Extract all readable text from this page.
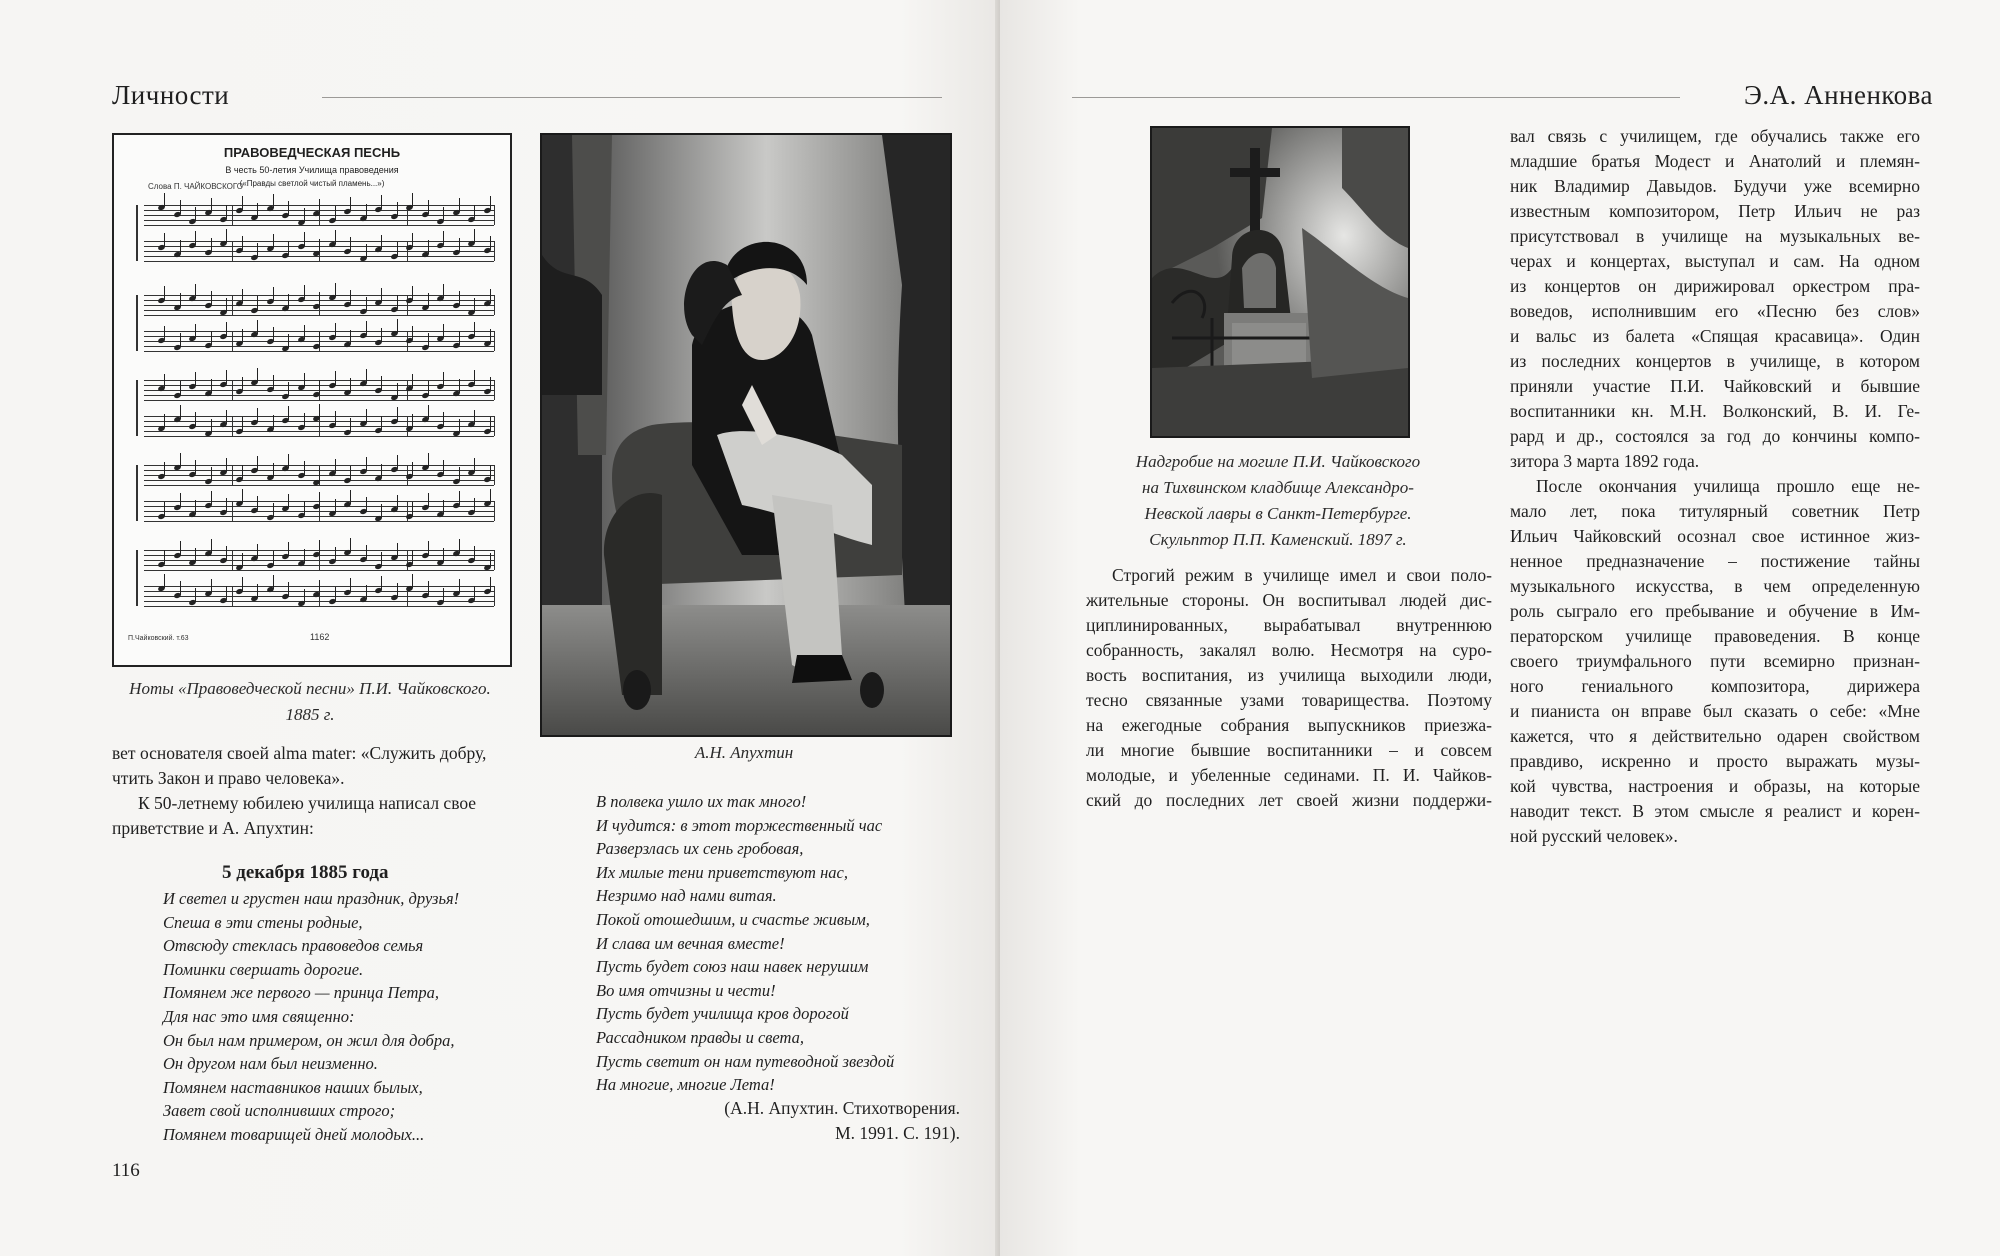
Личности
ПРАВОВЕДЧЕСКАЯ ПЕСНЬ
В честь 50-летия Училища правоведения
(«Правды светлой чистый пламень...»)
Слова П. ЧАЙКОВСКОГО
П.Чайковский. т.63	1162
Ноты «Правоведческой песни» П.И. Чайковского.
1885 г.
А.Н. Апухтин

вет основателя своей alma mater: «Служить добру,

чтить Закон и право человека».

К 50-летнему юбилею училища написал свое

приветствие и А. Апухтин:

5 декабря 1885 года
И светел и грустен наш праздник, друзья!
Спеша в эти стены родные,
Отвсюду стеклась правоведов семья
Поминки свершать дорогие.
Помянем же первого — принца Петра,
Для нас это имя священно:
Он был нам примером, он жил для добра,
Он другом нам был неизменно.
Помянем наставников наших былых,
Завет свой исполнивших строго;
Помянем товарищей дней молодых...
В полвека ушло их так много!
И чудится: в этот торжественный час
Разверзлась их сень гробовая,
Их милые тени приветствуют нас,
Незримо над нами витая.
Покой отошедшим, и счастье живым,
И слава им вечная вместе!
Пусть будет союз наш навек нерушим
Во имя отчизны и чести!
Пусть будет училища кров дорогой
Рассадником правды и света,
Пусть светит он нам путеводной звездой
На многие, многие Лета!
(А.Н. Апухтин. Стихотворения.
М. 1991. С. 191).
116
Э.А. Анненкова
Надгробие на могиле П.И. Чайковского
на Тихвинском кладбище Александро-
Невской лавры в Санкт-Петербурге.
Скульптор П.П. Каменский. 1897 г.
Строгий режим в училище имел и свои поло-
жительные стороны. Он воспитывал людей дис-
циплинированных, вырабатывал внутреннюю
собранность, закалял волю. Несмотря на суро-
вость воспитания, из училища выходили люди,
тесно связанные узами товарищества. Поэтому
на ежегодные собрания выпускников приезжа-
ли многие бывшие воспитанники – и совсем
молодые, и убеленные сединами. П. И. Чайков-
ский до последних лет своей жизни поддержи-
вал связь с училищем, где обучались также его
младшие братья Модест и Анатолий и племян-
ник Владимир Давыдов. Будучи уже всемирно
известным композитором, Петр Ильич не раз
присутствовал в училище на музыкальных ве-
черах и концертах, выступал и сам. На одном
из концертов он дирижировал оркестром пра-
воведов, исполнившим его «Песню без слов»
и вальс из балета «Спящая красавица». Один
из последних концертов в училище, в котором
приняли участие П.И. Чайковский и бывшие
воспитанники кн. М.Н. Волконский, В. И. Ге-
рард и др., состоялся за год до кончины компо-
зитора 3 марта 1892 года.
После окончания училища прошло еще не-
мало лет, пока титулярный советник Петр
Ильич Чайковский осознал свое истинное жиз-
ненное предназначение – постижение тайны
музыкального искусства, в чем определенную
роль сыграло его пребывание и обучение в Им-
ператорском училище правоведения. В конце
своего триумфального пути всемирно признан-
ного гениального композитора, дирижера
и пианиста он вправе был сказать о себе: «Мне
кажется, что я действительно одарен свойством
правдиво, искренно и просто выражать музы-
кой чувства, настроения и образы, на которые
наводит текст. В этом смысле я реалист и корен-
ной русский человек».
